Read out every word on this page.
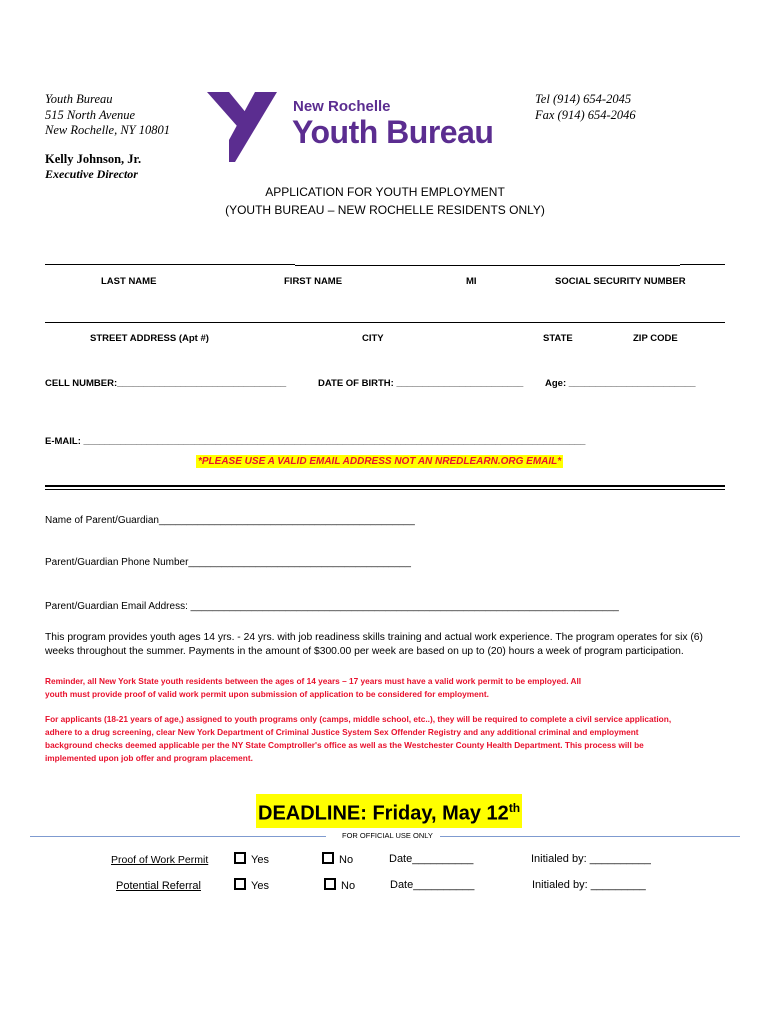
Youth Bureau
515 North Avenue
New Rochelle, NY 10801
Kelly Johnson, Jr.
Executive Director
New Rochelle
Youth Bureau
Tel (914) 654-2045
Fax (914) 654-2046
APPLICATION FOR YOUTH EMPLOYMENT
(YOUTH BUREAU – NEW ROCHELLE RESIDENTS ONLY)
LAST NAME	FIRST NAME	MI	SOCIAL SECURITY NUMBER
STREET ADDRESS (Apt #)	CITY	STATE	ZIP CODE
CELL NUMBER:________________________________	DATE OF BIRTH: ________________________ Age: ________________________
E-MAIL: _______________________________________________________________________________________________
*PLEASE USE A VALID EMAIL ADDRESS NOT AN NREDLEARN.ORG EMAIL*
Name of Parent/Guardian______________________________________________
Parent/Guardian Phone Number________________________________________
Parent/Guardian Email Address: _____________________________________________________________________________
This program provides youth ages 14 yrs. - 24 yrs. with job readiness skills training and actual work experience. The program operates for six (6) weeks throughout the summer. Payments in the amount of $300.00 per week are based on up to (20) hours a week of program participation.
Reminder, all New York State youth residents between the ages of 14 years – 17 years must have a valid work permit to be employed. All youth must provide proof of valid work permit upon submission of application to be considered for employment.
For applicants (18-21 years of age,) assigned to youth programs only (camps, middle school, etc..), they will be required to complete a civil service application, adhere to a drug screening, clear New York Department of Criminal Justice System Sex Offender Registry and any additional criminal and employment background checks deemed applicable per the NY State Comptroller's office as well as the Westchester County Health Department. This process will be implemented upon job offer and program placement.
DEADLINE: Friday, May 12th
FOR OFFICIAL USE ONLY
Proof of Work Permit	Yes	No	Date__________	Initialed by: __________
Potential Referral	Yes	No	Date__________	Initialed by: _________
